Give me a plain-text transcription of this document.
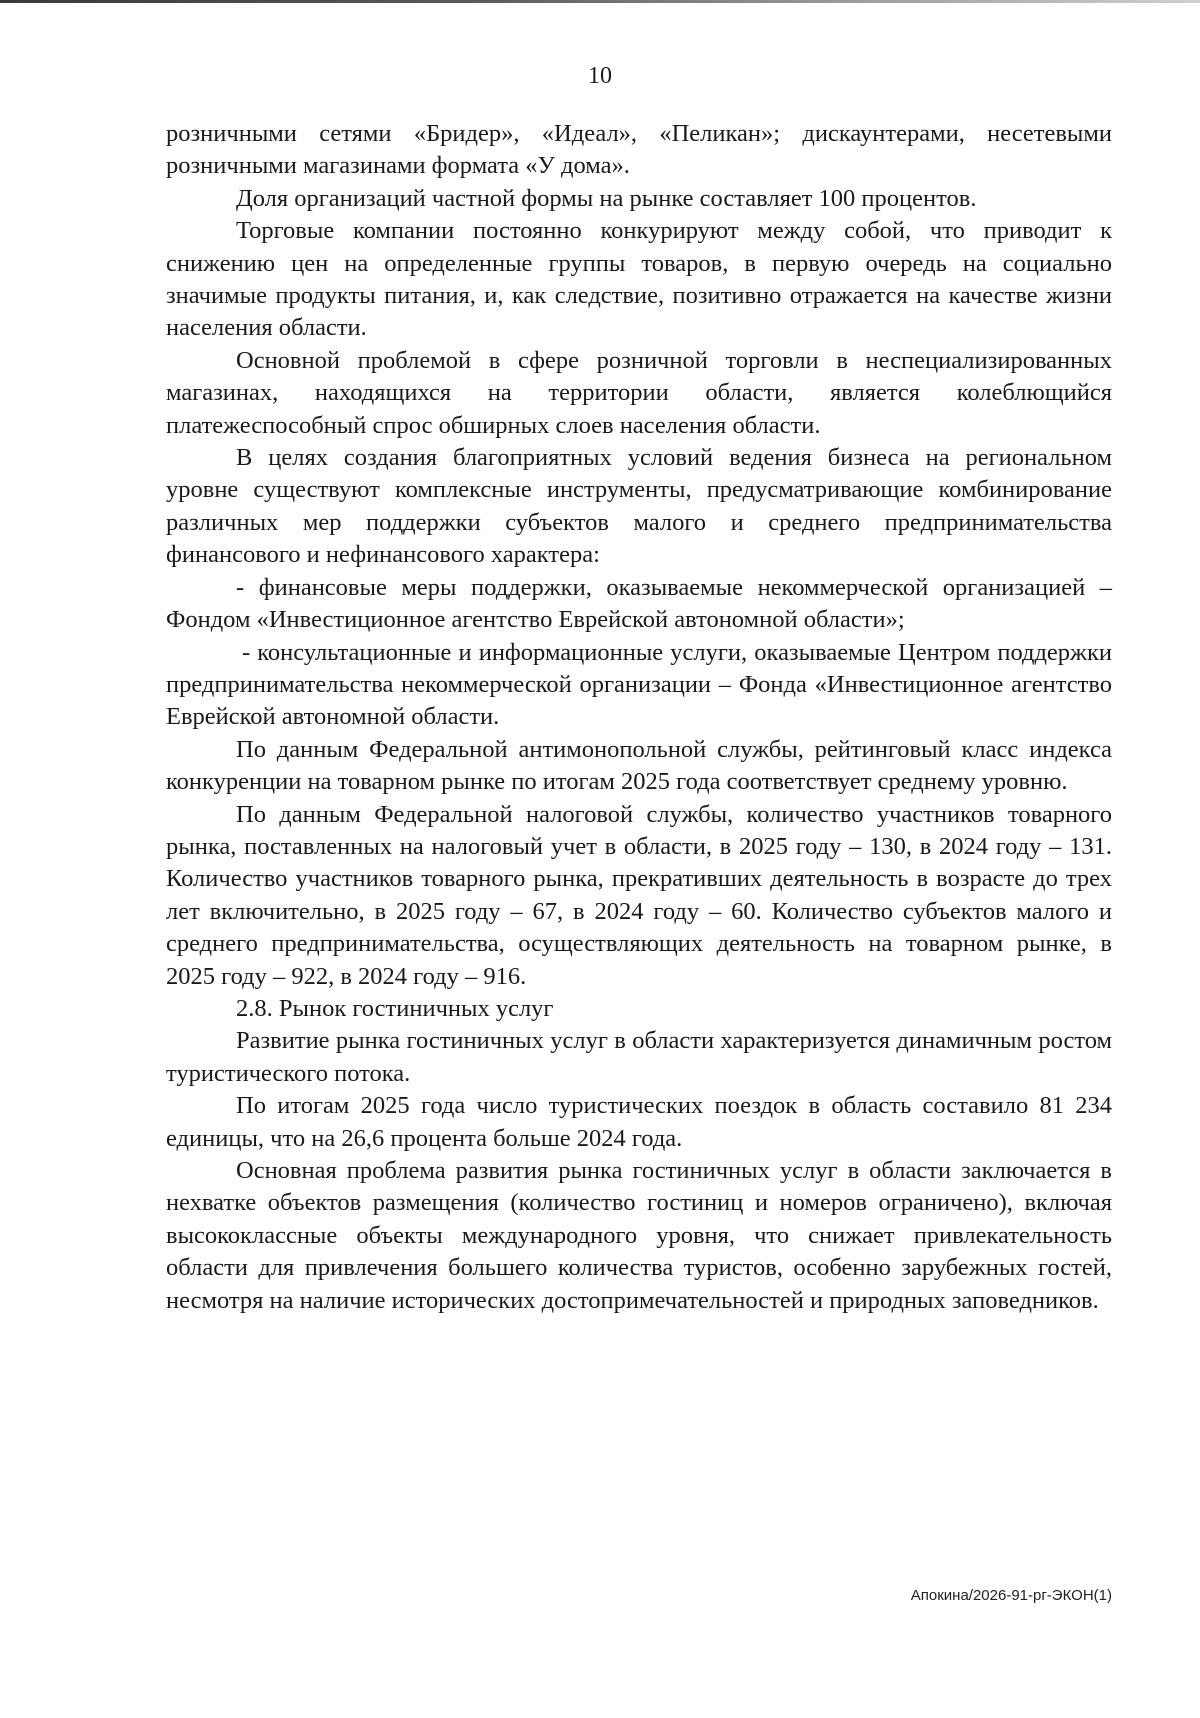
10

розничными сетями «Бридер», «Идеал», «Пеликан»; дискаунтерами, несетевыми розничными магазинами формата «У дома».

Доля организаций частной формы на рынке составляет 100 процентов.

Торговые компании постоянно конкурируют между собой, что приводит к снижению цен на определенные группы товаров, в первую очередь на социально значимые продукты питания, и, как следствие, позитивно отражается на качестве жизни населения области.

Основной проблемой в сфере розничной торговли в неспециализированных магазинах, находящихся на территории области, является колеблющийся платежеспособный спрос обширных слоев населения области.

В целях создания благоприятных условий ведения бизнеса на региональном уровне существуют комплексные инструменты, предусматривающие комбинирование различных мер поддержки субъектов малого и среднего предпринимательства финансового и нефинансового характера:

- финансовые меры поддержки, оказываемые некоммерческой организацией – Фондом «Инвестиционное агентство Еврейской автономной области»;

- консультационные и информационные услуги, оказываемые Центром поддержки предпринимательства некоммерческой организации – Фонда «Инвестиционное агентство Еврейской автономной области.

По данным Федеральной антимонопольной службы, рейтинговый класс индекса конкуренции на товарном рынке по итогам 2025 года соответствует среднему уровню.

По данным Федеральной налоговой службы, количество участников товарного рынка, поставленных на налоговый учет в области, в 2025 году – 130, в 2024 году – 131. Количество участников товарного рынка, прекративших деятельность в возрасте до трех лет включительно, в 2025 году – 67, в 2024 году – 60. Количество субъектов малого и среднего предпринимательства, осуществляющих деятельность на товарном рынке, в 2025 году – 922, в 2024 году – 916.

2.8. Рынок гостиничных услуг

Развитие рынка гостиничных услуг в области характеризуется динамичным ростом туристического потока.

По итогам 2025 года число туристических поездок в область составило 81 234 единицы, что на 26,6 процента больше 2024 года.

Основная проблема развития рынка гостиничных услуг в области заключается в нехватке объектов размещения (количество гостиниц и номеров ограничено), включая высококлассные объекты международного уровня, что снижает привлекательность области для привлечения большего количества туристов, особенно зарубежных гостей, несмотря на наличие исторических достопримечательностей и природных заповедников.

Апокина/2026-91-рг-ЭКОН(1)
